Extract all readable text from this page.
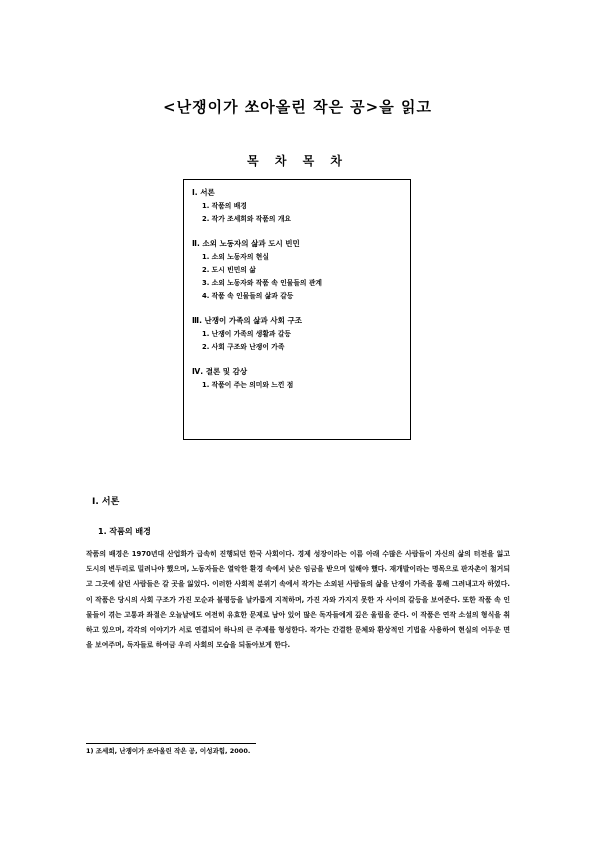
<난쟁이가 쏘아올린 작은 공>을 읽고
목 차 목 차
Ⅰ. 서론
1. 작품의 배경
2. 작가 조세희와 작품의 개요
Ⅱ. 소외 노동자의 삶과 도시 빈민
1. 소외 노동자의 현실
2. 도시 빈민의 삶
3. 소외 노동자와 작품 속 인물들의 관계
4. 작품 속 인물들의 삶과 갈등
Ⅲ. 난쟁이 가족의 삶과 사회 구조
1. 난쟁이 가족의 생활과 갈등
2. 사회 구조와 난쟁이 가족
Ⅳ. 결론 및 감상
1. 작품이 주는 의미와 느낀 점
Ⅰ. 서론
1. 작품의 배경
작품의 배경은 1970년대 산업화가 급속히 진행되던 한국 사회이다. 경제 성장이라는 이름 아래 수많은 사람들이 자신의 삶의 터전을 잃고 도시의 변두리로 밀려나야 했으며, 노동자들은 열악한 환경 속에서 낮은 임금을 받으며 일해야 했다. 재개발이라는 명목으로 판자촌이 철거되고 그곳에 살던 사람들은 갈 곳을 잃었다. 이러한 사회적 분위기 속에서 작가는 소외된 사람들의 삶을 난쟁이 가족을 통해 그려내고자 하였다. 이 작품은 당시의 사회 구조가 가진 모순과 불평등을 날카롭게 지적하며, 가진 자와 가지지 못한 자 사이의 갈등을 보여준다. 또한 작품 속 인물들이 겪는 고통과 좌절은 오늘날에도 여전히 유효한 문제로 남아 있어 많은 독자들에게 깊은 울림을 준다. 이 작품은 연작 소설의 형식을 취하고 있으며, 각각의 이야기가 서로 연결되어 하나의 큰 주제를 형성한다. 작가는 간결한 문체와 환상적인 기법을 사용하여 현실의 어두운 면을 보여주며, 독자들로 하여금 우리 사회의 모습을 되돌아보게 한다.
1) 조세희, 난쟁이가 쏘아올린 작은 공, 이성과힘, 2000.
